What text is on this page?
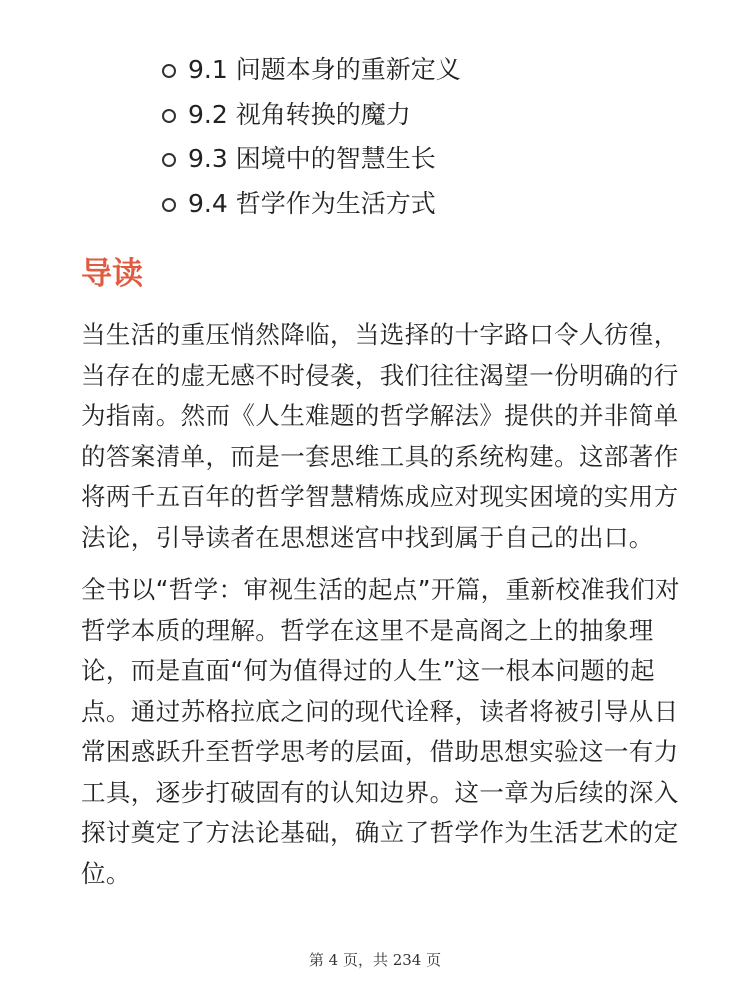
9.1 问题本身的重新定义
9.2 视角转换的魔力
9.3 困境中的智慧生长
9.4 哲学作为生活方式
导读

当生活的重压悄然降临，当选择的十字路口令人彷徨，当存在的虚无感不时侵袭，我们往往渴望一份明确的行为指南。然而《人生难题的哲学解法》提供的并非简单的答案清单，而是一套思维工具的系统构建。这部著作将两千五百年的哲学智慧精炼成应对现实困境的实用方法论，引导读者在思想迷宫中找到属于自己的出口。

全书以“哲学：审视生活的起点”开篇，重新校准我们对哲学本质的理解。哲学在这里不是高阁之上的抽象理论，而是直面“何为值得过的人生”这一根本问题的起点。通过苏格拉底之问的现代诠释，读者将被引导从日常困惑跃升至哲学思考的层面，借助思想实验这一有力工具，逐步打破固有的认知边界。这一章为后续的深入探讨奠定了方法论基础，确立了哲学作为生活艺术的定位。

第 4 页，共 234 页
